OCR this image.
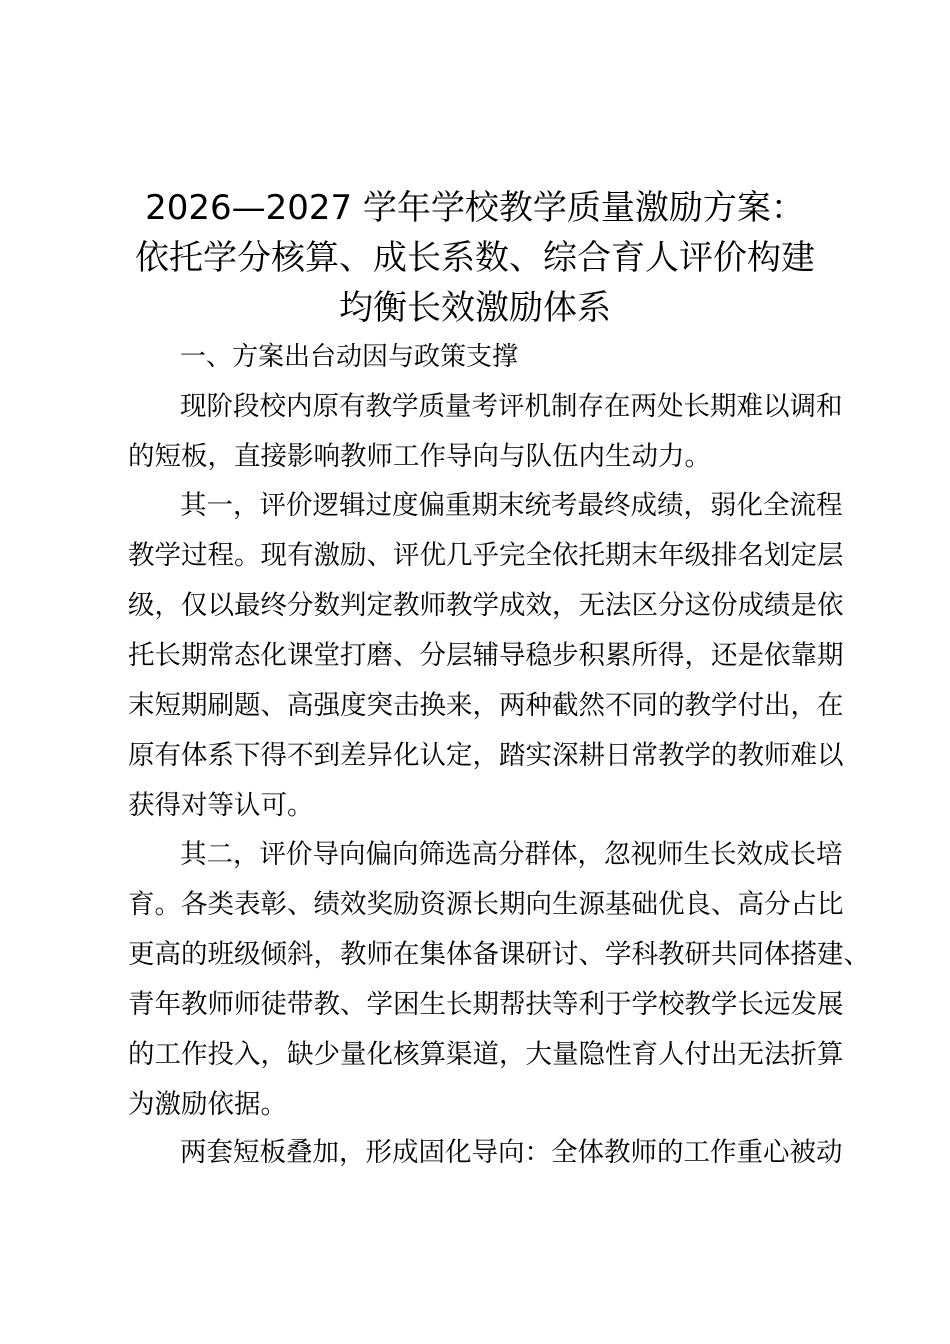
2026—2027 学年学校教学质量激励方案：
依托学分核算、成长系数、综合育人评价构建
均衡长效激励体系

一、方案出台动因与政策支撑

现阶段校内原有教学质量考评机制存在两处长期难以调和
的短板，直接影响教师工作导向与队伍内生动力。

其一，评价逻辑过度偏重期末统考最终成绩，弱化全流程
教学过程。现有激励、评优几乎完全依托期末年级排名划定层
级，仅以最终分数判定教师教学成效，无法区分这份成绩是依
托长期常态化课堂打磨、分层辅导稳步积累所得，还是依靠期
末短期刷题、高强度突击换来，两种截然不同的教学付出，在
原有体系下得不到差异化认定，踏实深耕日常教学的教师难以
获得对等认可。

其二，评价导向偏向筛选高分群体，忽视师生长效成长培
育。各类表彰、绩效奖励资源长期向生源基础优良、高分占比
更高的班级倾斜，教师在集体备课研讨、学科教研共同体搭建、
青年教师师徒带教、学困生长期帮扶等利于学校教学长远发展
的工作投入，缺少量化核算渠道，大量隐性育人付出无法折算
为激励依据。

两套短板叠加，形成固化导向：全体教师的工作重心被动
